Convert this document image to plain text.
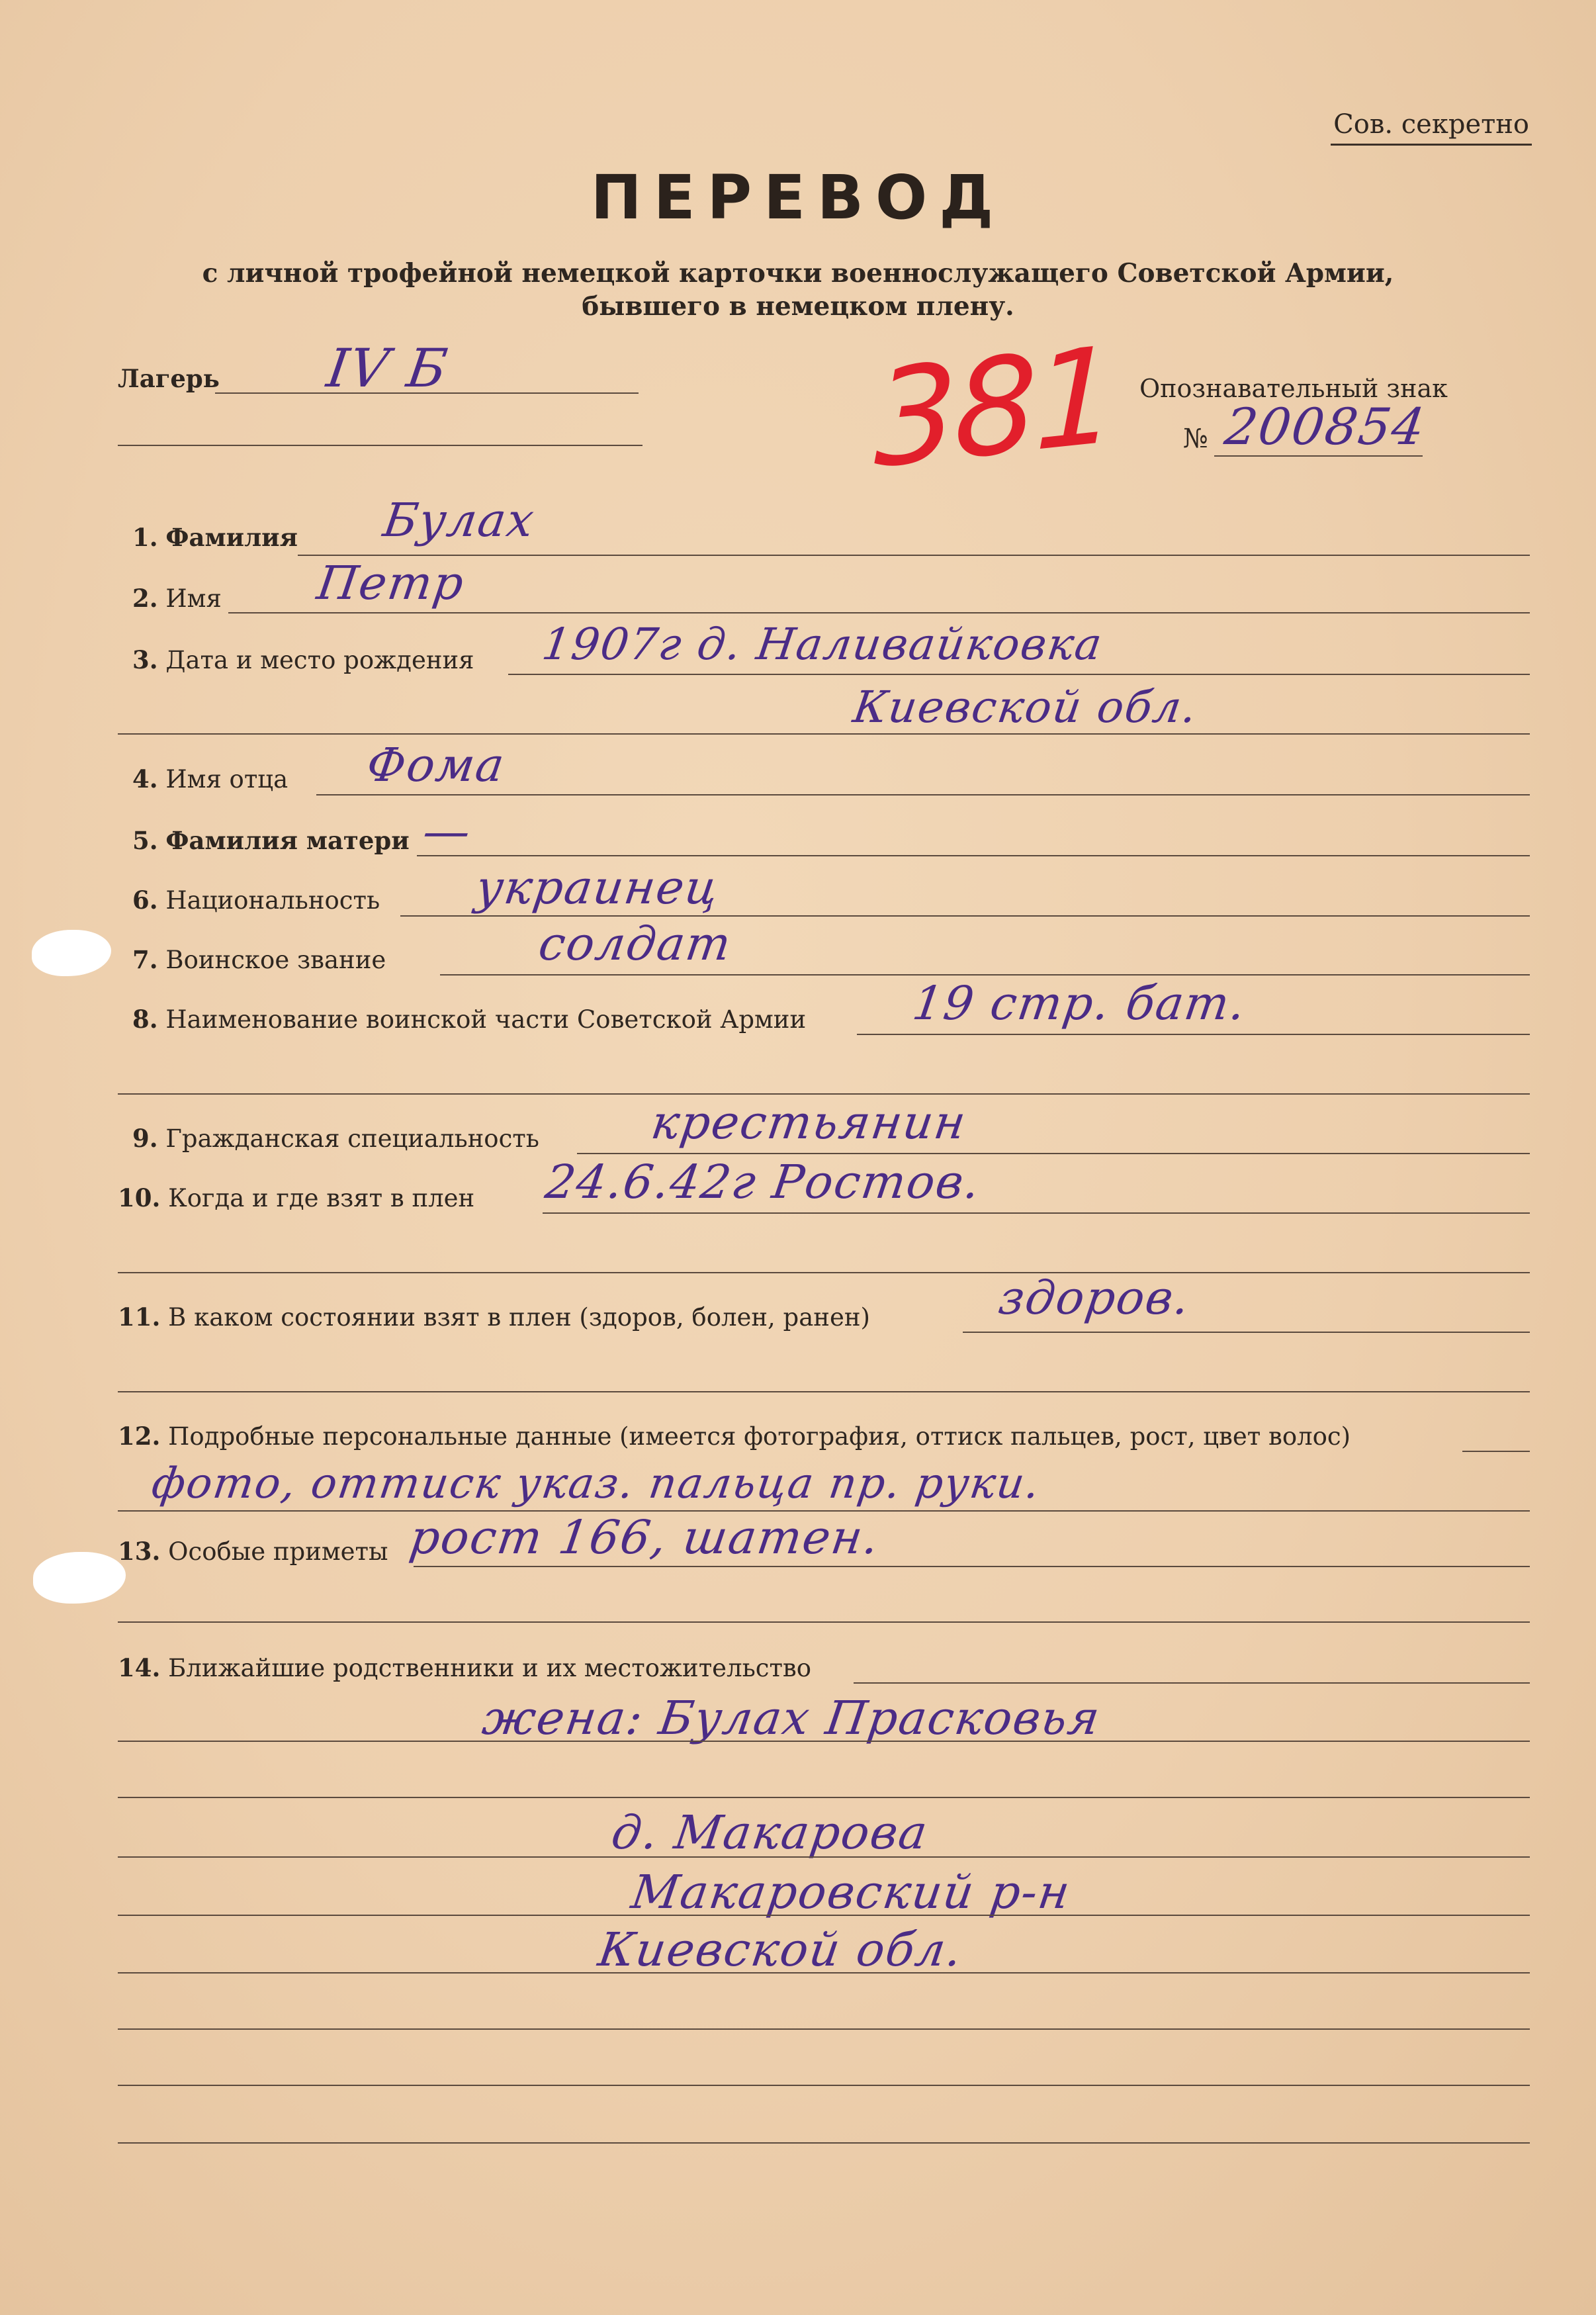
Сов. секретно
ПЕРЕВОД
с личной трофейной немецкой карточки военнослужащего Советской Армии,
бывшего в немецком плену.
Лагерь IV Б	381 Опознавательный знак
№ 200854
1. Фамилия Булах
2. Имя Петр
3. Дата и место рождения 1907г д. Наливайковка
Киевской обл.
4. Имя отца Фома
5. Фамилия матери —
6. Национальность украинец
7. Воинское звание	солдат
8. Наименование воинской части Советской Армии 19 стр. бат.
9. Гражданская специальность крестьянин
10. Когда и где взят в плен 24.6.42г Ростов.
11. В каком состоянии взят в плен (здоров, болен, ранен)	здоров.
12. Подробные персональные данные (имеется фотография, оттиск пальцев, рост, цвет волос)
фото, оттиск указ. пальца пр. руки.
13. Особые приметы рост 166, шатен.
14. Ближайшие родственники и их местожительство
жена: Булах Прасковья
д. Макарова
Макаровский р-н
Киевской обл.
